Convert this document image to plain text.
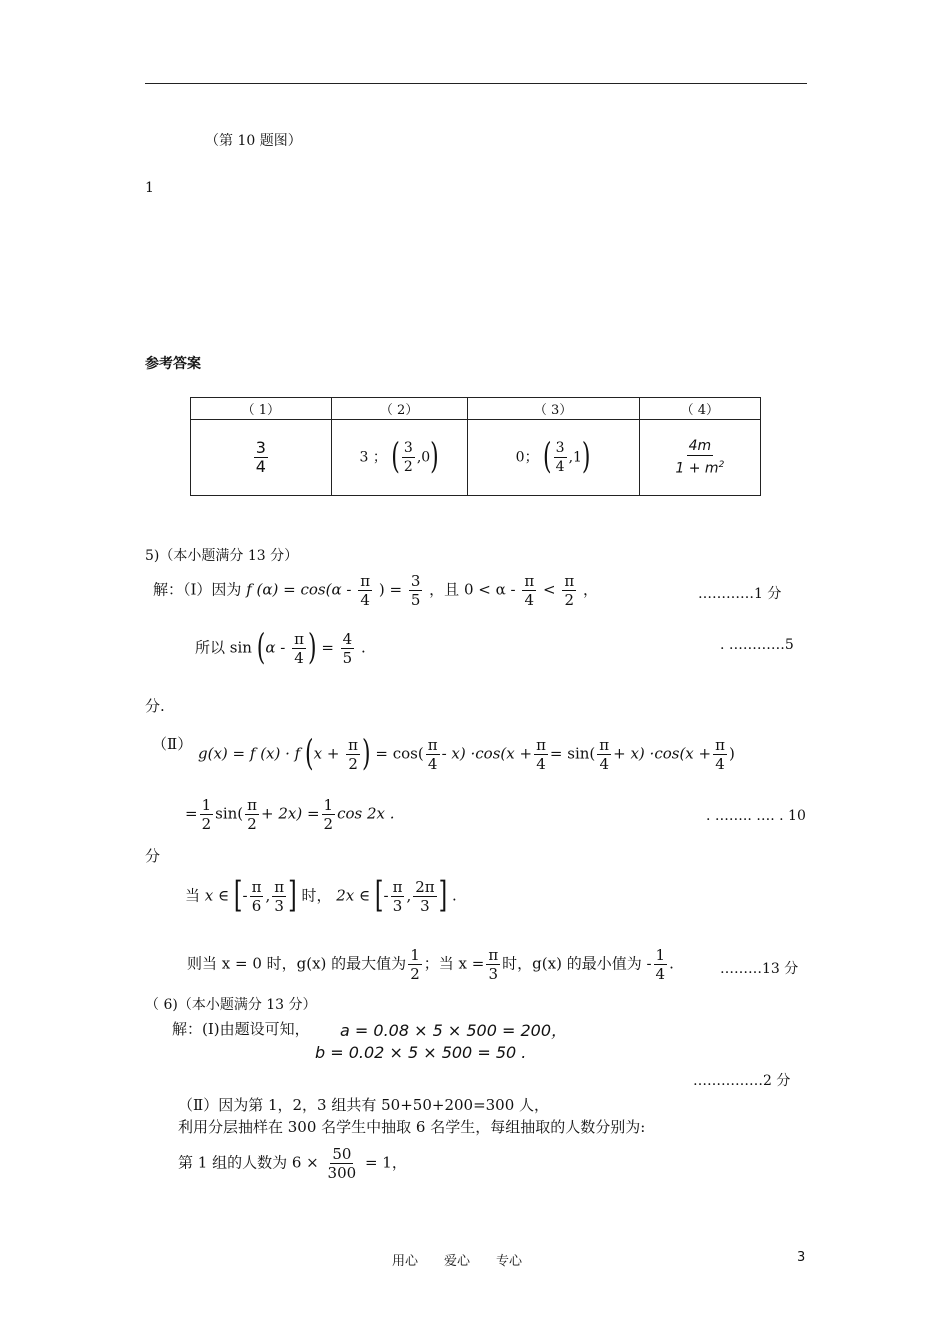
（第 10 题图）
1
参考答案
（ 1）	（ 2）	（ 3）	（ 4）

$\frac{3}{4}$	3 ； ( $\frac{3}{2} ,0$)	0； ( $\frac{3}{4} ,1$)	$\frac{4m}{1 + m^2}$
5)（本小题满分 13 分）
解：（Ⅰ）因为 f $(\alpha) = \cos(\alpha - \frac{\pi}{4}$ ) = $\frac{3}{5}$ ，且 $0 < \alpha - \frac{\pi}{4} < \frac{\pi}{2}$ ，	…………1 分
所以 $\sin (\alpha - \frac{\pi}{4}$ ) = $\frac{4}{5}$ .	. …………5
分.
（Ⅱ）
g(x) = f (x) · f ($x + \frac{\pi}{2}$ ) = $\cos( \frac{\pi}{4} - x) \cdot\cos(x + \frac{\pi}{4} = \sin( \frac{\pi}{4} + x) \cdot\cos(x + \frac{\pi}{4}$ )
= $\frac{1}{2} \sin( \frac{\pi}{2} + 2x) = \frac{1}{2}$ cos 2x .	. …….. …. . 10
分
当 x ∈ [- $\frac{\pi}{6}$ , $\frac{\pi}{3}$ ] 时， 2x ∈ [- $\frac{\pi}{3}$ , $\frac{2\pi}{3}$ ] .
则当 x = 0 时，g(x) 的最大值为 $\frac{1}{2}$ ；当 $x = \frac{\pi}{3}$ 时，g(x) 的最小值为 - $\frac{1}{4}$ .	………13 分
（ 6)（本小题满分 13 分）
解：(Ⅰ)由题设可知， a = 0.08 × 5 × 500 = 200，
b = 0.02 × 5 × 500 = 50 .
……………2 分
（Ⅱ）因为第 1，2，3 组共有 50+50+200=300 人，
利用分层抽样在 300 名学生中抽取 6 名学生，每组抽取的人数分别为:
第 1 组的人数为 $6 \times \frac{50}{300} = 1$，
用心　　爱心　　专心	3
